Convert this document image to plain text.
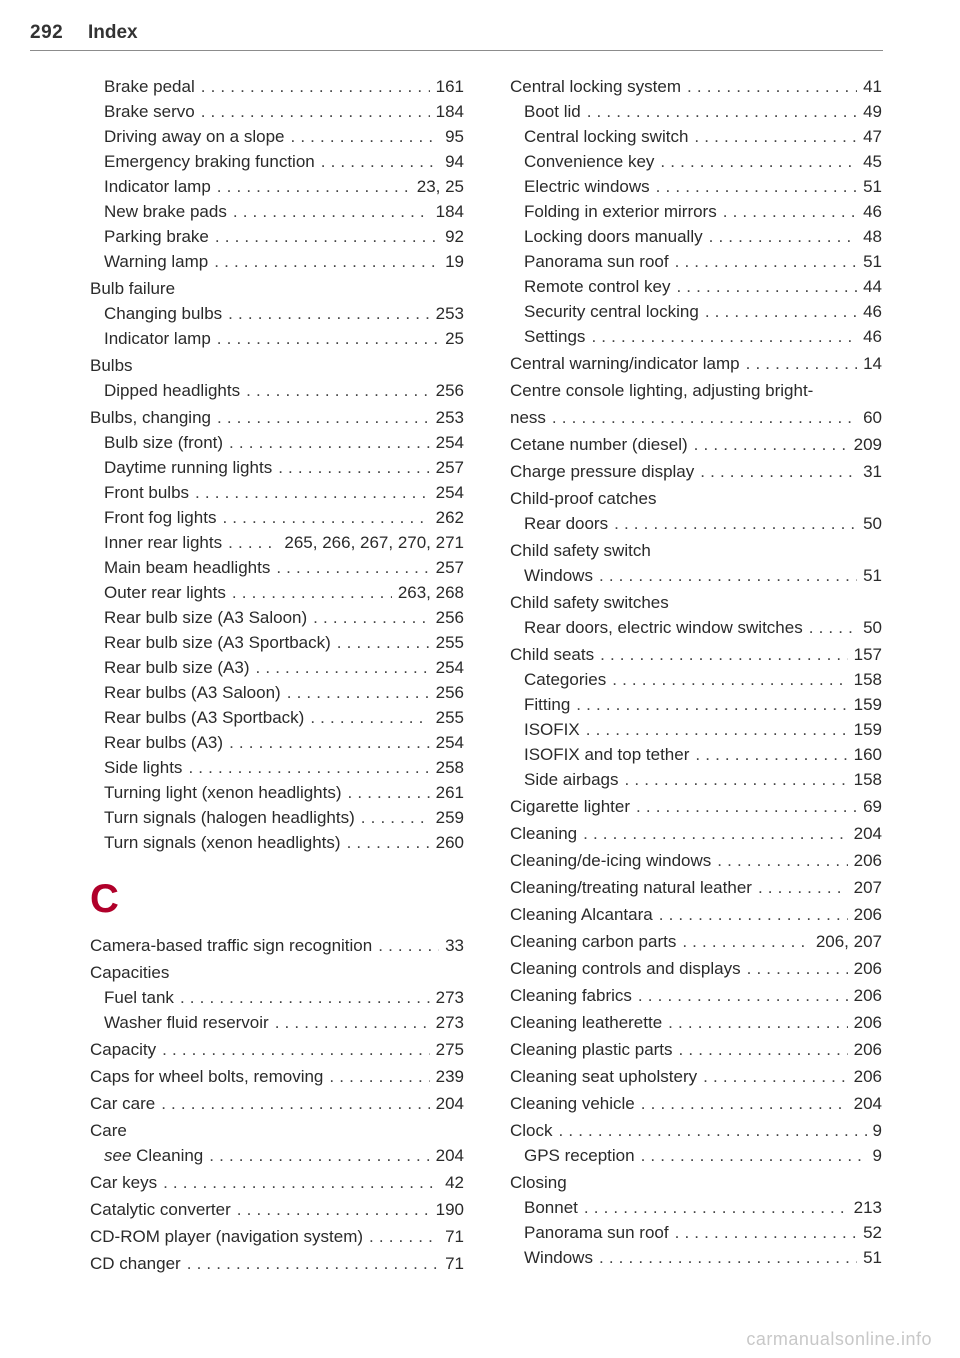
292 Index
Brake pedal . . .	161
Brake servo . . .	184
Driving away on a slope . . .	95
Emergency braking function . . .	94
Indicator lamp . . .	23, 25
New brake pads . . .	184
Parking brake . . .	92
Warning lamp . . .	19
Bulb failure
Changing bulbs . . .	253
Indicator lamp . . .	25
Bulbs
Dipped headlights . . .	256
Bulbs, changing . . .	253
Bulb size (front) . . .	254
Daytime running lights . . .	257
Front bulbs . . .	254
Front fog lights . . .	262
Inner rear lights . . .	265, 266, 267, 270, 271
Main beam headlights . . .	257
Outer rear lights . . .	263, 268
Rear bulb size (A3 Saloon) . . .	256
Rear bulb size (A3 Sportback) . . .	255
Rear bulb size (A3) . . .	254
Rear bulbs (A3 Saloon) . . .	256
Rear bulbs (A3 Sportback) . . .	255
Rear bulbs (A3) . . .	254
Side lights . . .	258
Turning light (xenon headlights) . . .	261
Turn signals (halogen headlights) . . .	259
Turn signals (xenon headlights) . . .	260
C
Camera-based traffic sign recognition . . .	33
Capacities
Fuel tank . . .	273
Washer fluid reservoir . . .	273
Capacity . . .	275
Caps for wheel bolts, removing . . .	239
Car care . . .	204
Care
see Cleaning . . .	204
Car keys . . .	42
Catalytic converter . . .	190
CD-ROM player (navigation system) . . .	71
CD changer . . .	71
Central locking system . . .	41
Boot lid . . .	49
Central locking switch . . .	47
Convenience key . . .	45
Electric windows . . .	51
Folding in exterior mirrors . . .	46
Locking doors manually . . .	48
Panorama sun roof . . .	51
Remote control key . . .	44
Security central locking . . .	46
Settings . . .	46
Central warning/indicator lamp . . .	14
Centre console lighting, adjusting bright-
ness . . .	60
Cetane number (diesel) . . .	209
Charge pressure display . . .	31
Child-proof catches
Rear doors . . .	50
Child safety switch
Windows . . .	51
Child safety switches
Rear doors, electric window switches . . .	50
Child seats . . .	157
Categories . . .	158
Fitting . . .	159
ISOFIX . . .	159
ISOFIX and top tether . . .	160
Side airbags . . .	158
Cigarette lighter . . .	69
Cleaning . . .	204
Cleaning/de-icing windows . . .	206
Cleaning/treating natural leather . . .	207
Cleaning Alcantara . . .	206
Cleaning carbon parts . . .	206, 207
Cleaning controls and displays . . .	206
Cleaning fabrics . . .	206
Cleaning leatherette . . .	206
Cleaning plastic parts . . .	206
Cleaning seat upholstery . . .	206
Cleaning vehicle . . .	204
Clock . . .	9
GPS reception . . .	9
Closing
Bonnet . . .	213
Panorama sun roof . . .	52
Windows . . .	51
carmanualsonline.info
